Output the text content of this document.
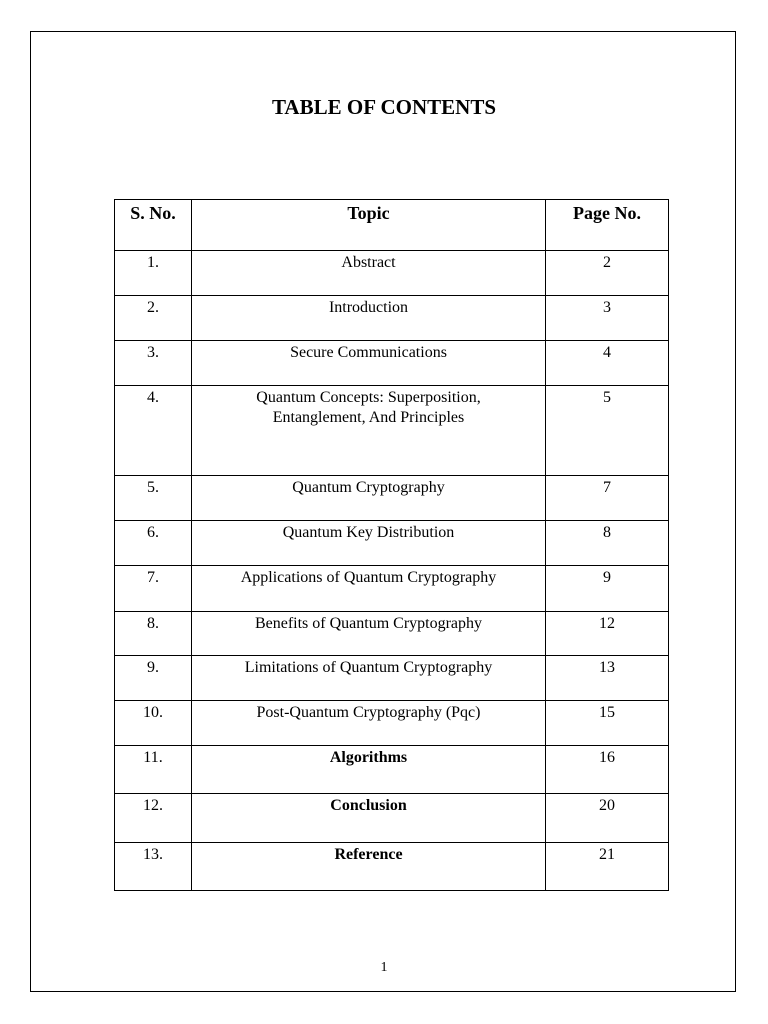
TABLE OF CONTENTS
S. No.	Topic	Page No.

1.	Abstract	2

2.	Introduction	3

3.	Secure Communications	4

4.	Quantum Concepts: Superposition,
Entanglement, And Principles	5

5.	Quantum Cryptography	7

6.	Quantum Key Distribution	8

7.	Applications of Quantum Cryptography	9

8.	Benefits of Quantum Cryptography	12

9.	Limitations of Quantum Cryptography	13

10.	Post-Quantum Cryptography (Pqc)	15

11.	Algorithms	16

12.	Conclusion	20

13.	Reference	21
1
